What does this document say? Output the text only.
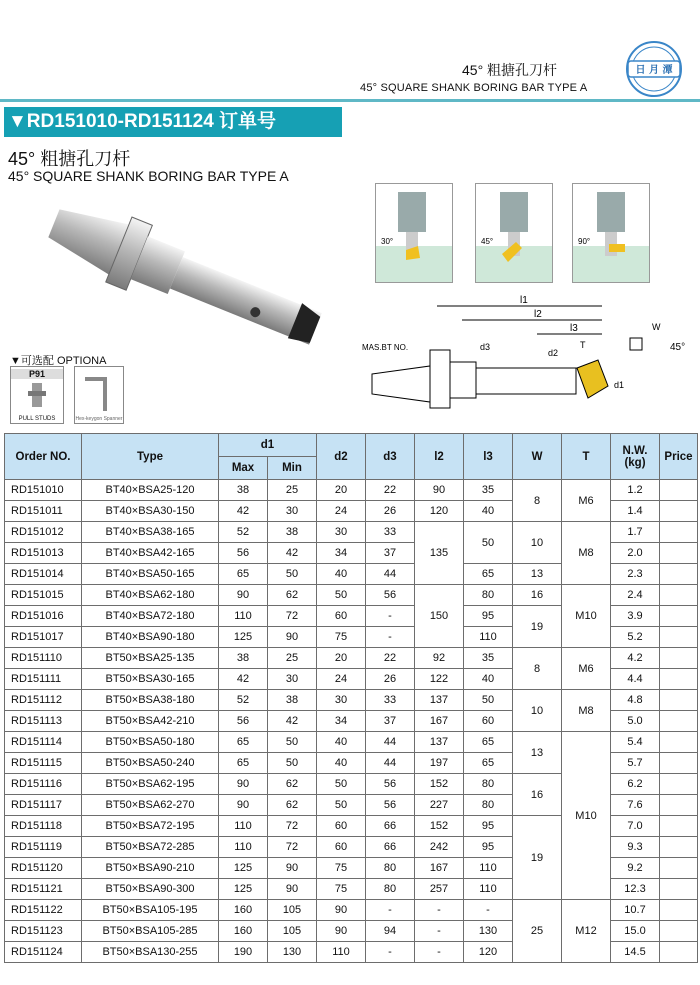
45° 粗搪孔刀杆
45° SQUARE SHANK BORING BAR TYPE A
日 月 潭
▼RD151010-RD151124 订单号
45° 粗搪孔刀杆
45° SQUARE SHANK BORING BAR TYPE A
▼可选配 OPTIONA
P91
PULL STUDS	Hex-keygon Spanner
30°	45°	90°
l1
l2
l3
d3
d2
T
d1
W
45°
MAS.BT NO.
Order NO.	Type	d1		d2	d3	l2	l3	W	T	N.W.
(kg)	Price
		Max	Min								
RD151010	BT40×BSA25-120	38	25	20	22	90	35	8	M6	1.2	
RD151011	BT40×BSA30-150	42	30	24	26	120	40			1.4	
RD151012	BT40×BSA38-165	52	38	30	33	135	50	10	M8	1.7	
RD151013	BT40×BSA42-165	56	42	34	37					2.0	
RD151014	BT40×BSA50-165	65	50	40	44		65	13		2.3	
RD151015	BT40×BSA62-180	90	62	50	56	150	80	16	M10	2.4	
RD151016	BT40×BSA72-180	110	72	60	-		95	19		3.9	
RD151017	BT40×BSA90-180	125	90	75	-		110			5.2	
RD151110	BT50×BSA25-135	38	25	20	22	92	35	8	M6	4.2	
RD151111	BT50×BSA30-165	42	30	24	26	122	40			4.4	
RD151112	BT50×BSA38-180	52	38	30	33	137	50	10	M8	4.8	
RD151113	BT50×BSA42-210	56	42	34	37	167	60			5.0	
RD151114	BT50×BSA50-180	65	50	40	44	137	65	13	M10	5.4	
RD151115	BT50×BSA50-240	65	50	40	44	197	65			5.7	
RD151116	BT50×BSA62-195	90	62	50	56	152	80	16		6.2	
RD151117	BT50×BSA62-270	90	62	50	56	227	80			7.6	
RD151118	BT50×BSA72-195	110	72	60	66	152	95	19		7.0	
RD151119	BT50×BSA72-285	110	72	60	66	242	95			9.3	
RD151120	BT50×BSA90-210	125	90	75	80	167	110			9.2	
RD151121	BT50×BSA90-300	125	90	75	80	257	110			12.3	
RD151122	BT50×BSA105-195	160	105	90	-	-	-	25	M12	10.7	
RD151123	BT50×BSA105-285	160	105	90	94	-	130			15.0	
RD151124	BT50×BSA130-255	190	130	110	-	-	120			14.5	
